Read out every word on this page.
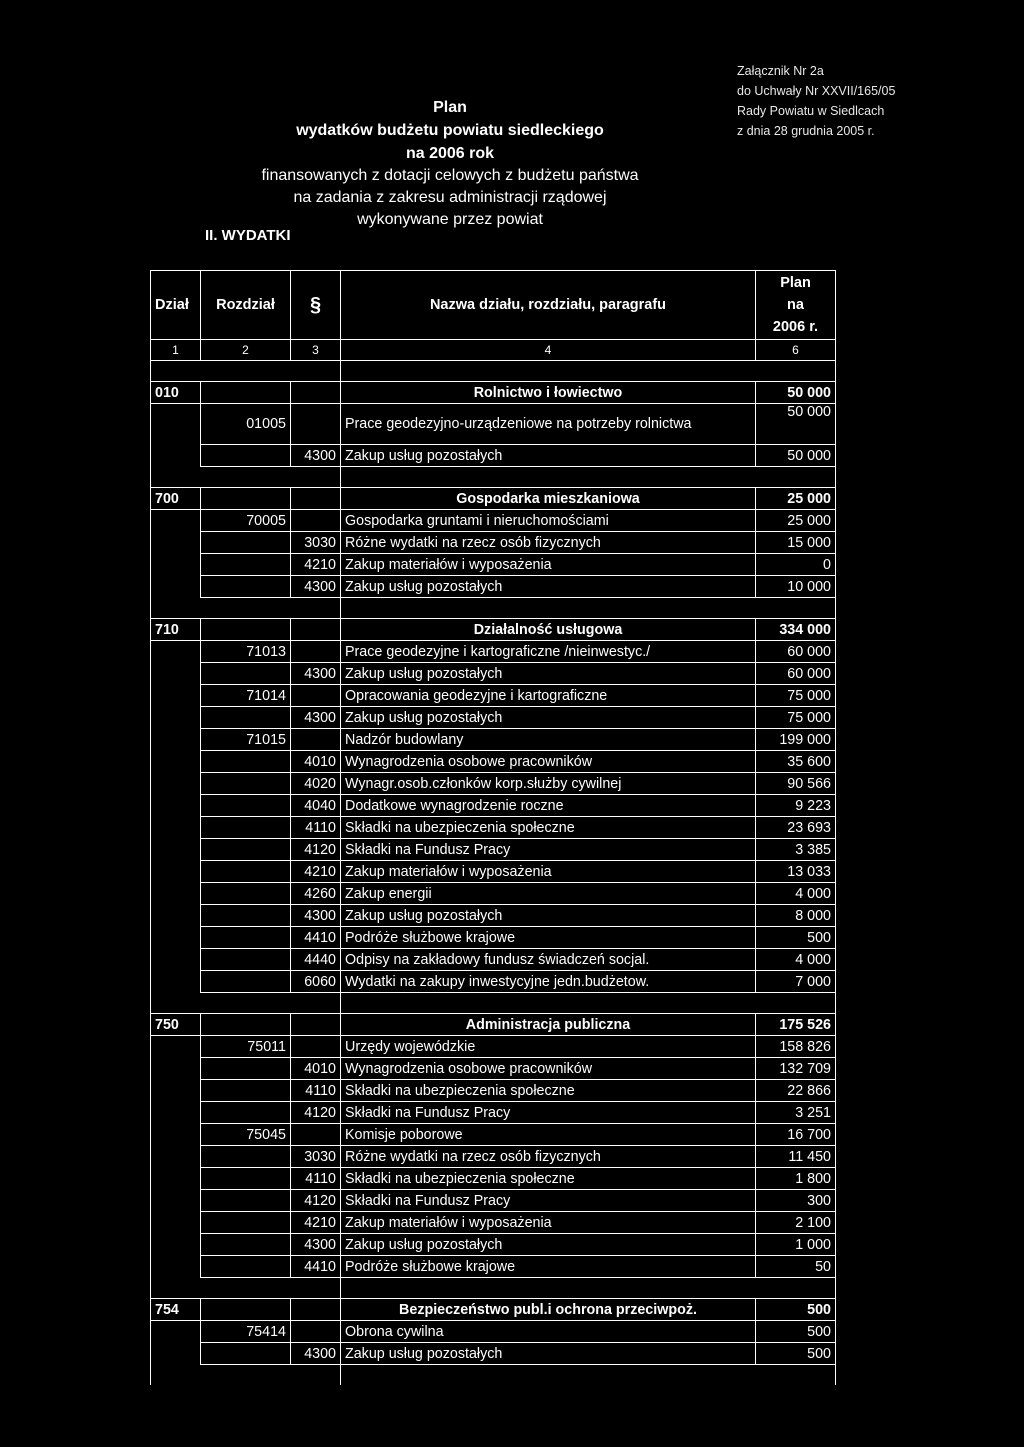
Załącznik Nr 2a
do Uchwały Nr XXVII/165/05
Rady Powiatu w Siedlcach
z dnia 28 grudnia 2005 r.
Plan
wydatków budżetu powiatu siedleckiego
na 2006 rok
finansowanych z dotacji celowych z budżetu państwa
na zadania z zakresu administracji rządowej
wykonywane przez powiat
II. WYDATKI
Dział	Rozdział	§	Nazwa działu, rozdziału, paragrafu	Plan
na
2006 r.

1	2	3	4	6

010			Rolnictwo i łowiectwo	50 000
	01005		Prace geodezyjno-urządzeniowe na potrzeby rolnictwa	50 000
		4300	Zakup usług pozostałych	50 000

700			Gospodarka mieszkaniowa	25 000
	70005		Gospodarka gruntami i nieruchomościami	25 000
		3030	Różne wydatki na rzecz osób fizycznych	15 000
		4210	Zakup materiałów i wyposażenia	0
		4300	Zakup usług pozostałych	10 000

710			Działalność usługowa	334 000
	71013		Prace geodezyjne i kartograficzne /nieinwestyc./	60 000
		4300	Zakup usług pozostałych	60 000
	71014		Opracowania geodezyjne i kartograficzne	75 000
		4300	Zakup usług pozostałych	75 000
	71015		Nadzór budowlany	199 000
		4010	Wynagrodzenia osobowe pracowników	35 600
		4020	Wynagr.osob.członków korp.służby cywilnej	90 566
		4040	Dodatkowe wynagrodzenie roczne	9 223
		4110	Składki na ubezpieczenia społeczne	23 693
		4120	Składki na Fundusz Pracy	3 385
		4210	Zakup materiałów i wyposażenia	13 033
		4260	Zakup energii	4 000
		4300	Zakup usług pozostałych	8 000
		4410	Podróże służbowe krajowe	500
		4440	Odpisy na zakładowy fundusz świadczeń socjal.	4 000
		6060	Wydatki na zakupy inwestycyjne jedn.budżetow.	7 000

750			Administracja publiczna	175 526
	75011		Urzędy wojewódzkie	158 826
		4010	Wynagrodzenia osobowe pracowników	132 709
		4110	Składki na ubezpieczenia społeczne	22 866
		4120	Składki na Fundusz Pracy	3 251
	75045		Komisje poborowe	16 700
		3030	Różne wydatki na rzecz osób fizycznych	11 450
		4110	Składki na ubezpieczenia społeczne	1 800
		4120	Składki na Fundusz Pracy	300
		4210	Zakup materiałów i wyposażenia	2 100
		4300	Zakup usług pozostałych	1 000
		4410	Podróże służbowe krajowe	50

754			Bezpieczeństwo publ.i ochrona przeciwpoż.	500
	75414		Obrona cywilna	500
		4300	Zakup usług pozostałych	500
